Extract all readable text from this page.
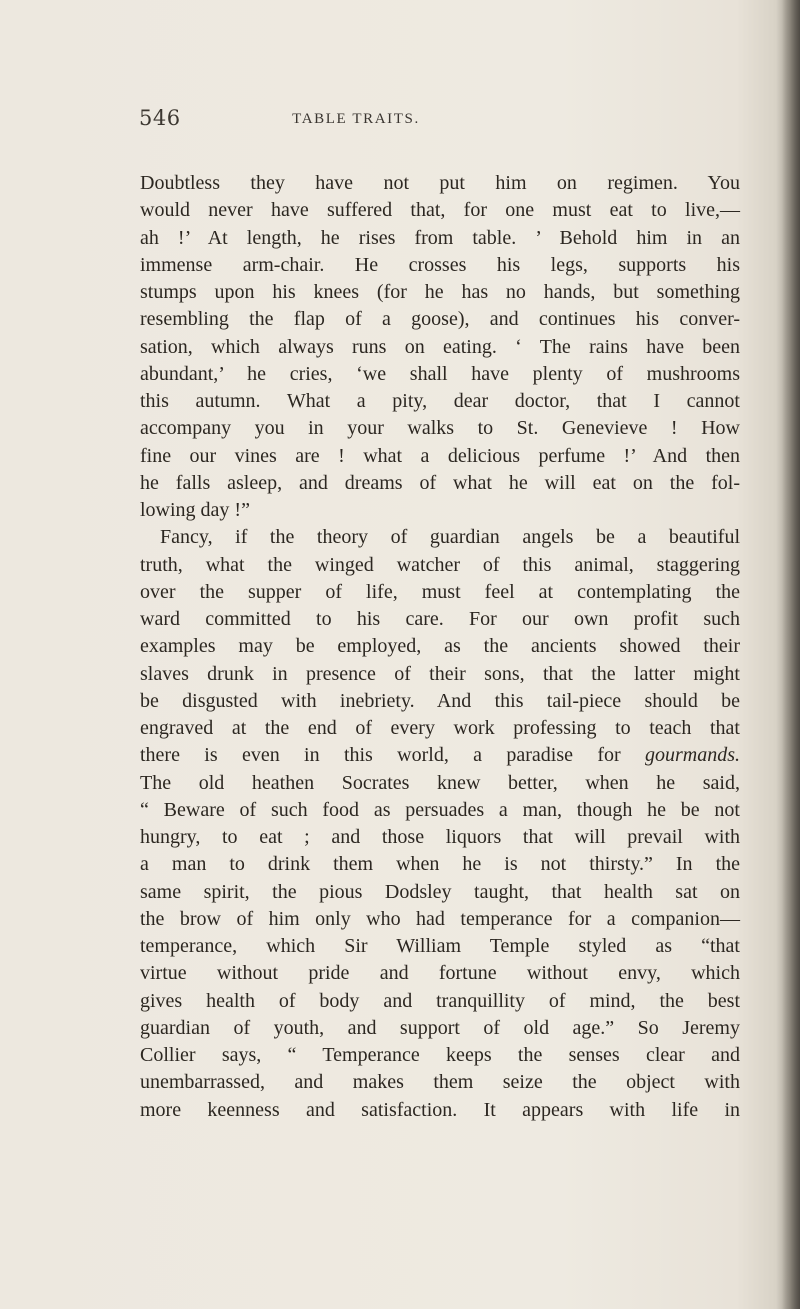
546	TABLE TRAITS.
Doubtless they have not put him on regimen. You
would never have suffered that, for one must eat to live,—
ah !’ At length, he rises from table. ’ Behold him in an
immense arm-chair. He crosses his legs, supports his
stumps upon his knees (for he has no hands, but something
resembling the flap of a goose), and continues his conver-
sation, which always runs on eating. ‘ The rains have been
abundant,’ he cries, ‘we shall have plenty of mushrooms
this autumn. What a pity, dear doctor, that I cannot
accompany you in your walks to St. Genevieve ! How
fine our vines are ! what a delicious perfume !’ And then
he falls asleep, and dreams of what he will eat on the fol-
lowing day !”
Fancy, if the theory of guardian angels be a beautiful
truth, what the winged watcher of this animal, staggering
over the supper of life, must feel at contemplating the
ward committed to his care. For our own profit such
examples may be employed, as the ancients showed their
slaves drunk in presence of their sons, that the latter might
be disgusted with inebriety. And this tail-piece should be
engraved at the end of every work professing to teach that
there is even in this world, a paradise for gourmands.
The old heathen Socrates knew better, when he said,
“ Beware of such food as persuades a man, though he be not
hungry, to eat ; and those liquors that will prevail with
a man to drink them when he is not thirsty.” In the
same spirit, the pious Dodsley taught, that health sat on
the brow of him only who had temperance for a companion—
temperance, which Sir William Temple styled as “that
virtue without pride and fortune without envy, which
gives health of body and tranquillity of mind, the best
guardian of youth, and support of old age.” So Jeremy
Collier says, “ Temperance keeps the senses clear and
unembarrassed, and makes them seize the object with
more keenness and satisfaction. It appears with life in
